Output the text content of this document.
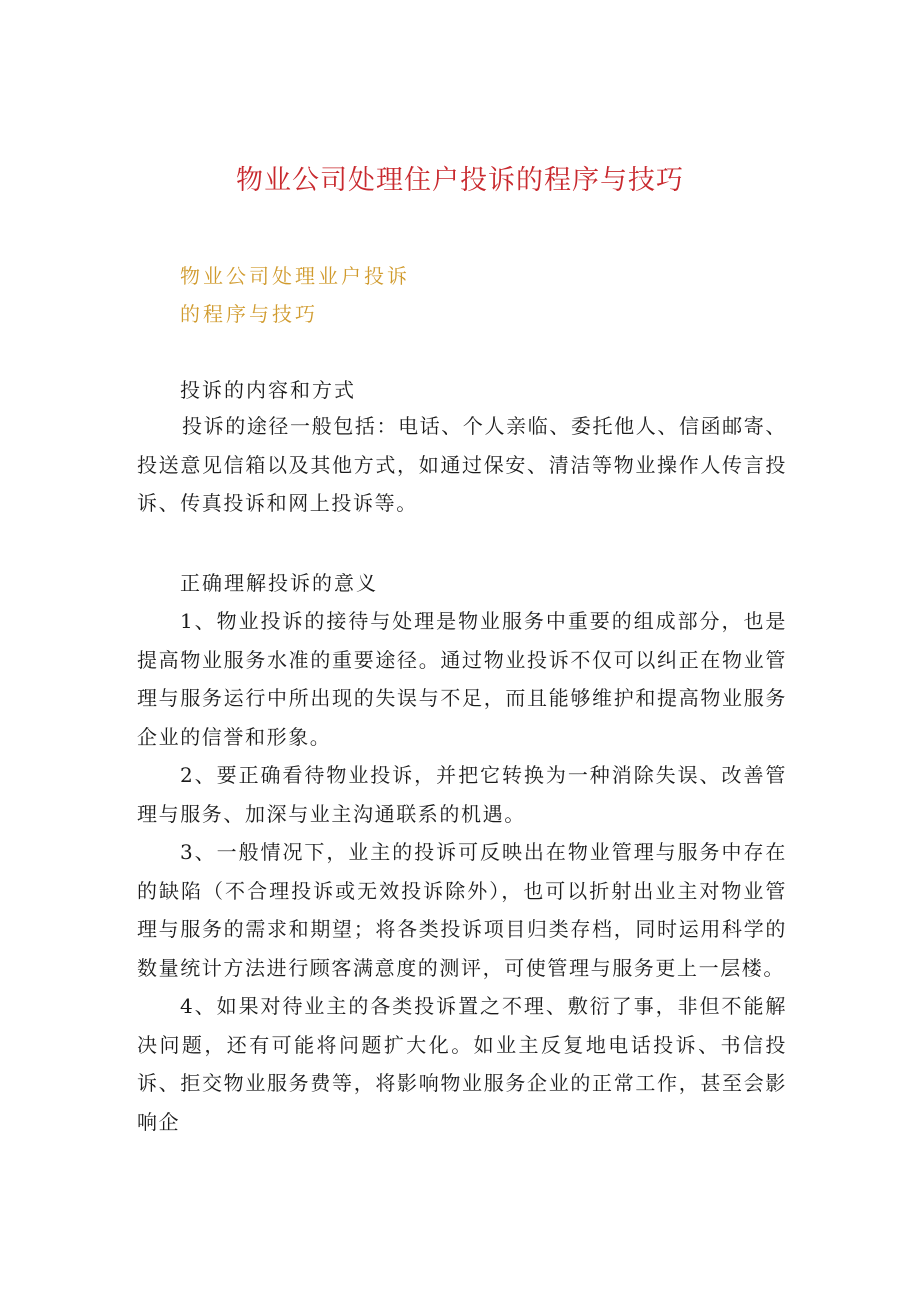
物业公司处理住户投诉的程序与技巧
物业公司处理业户投诉
的程序与技巧
投诉的内容和方式

投诉的途径一般包括：电话、个人亲临、委托他人、信函邮寄、投送意见信箱以及其他方式，如通过保安、清洁等物业操作人传言投诉、传真投诉和网上投诉等。

正确理解投诉的意义

1、物业投诉的接待与处理是物业服务中重要的组成部分，也是提高物业服务水准的重要途径。通过物业投诉不仅可以纠正在物业管理与服务运行中所出现的失误与不足，而且能够维护和提高物业服务企业的信誉和形象。

2、要正确看待物业投诉，并把它转换为一种消除失误、改善管理与服务、加深与业主沟通联系的机遇。

3、一般情况下，业主的投诉可反映出在物业管理与服务中存在的缺陷（不合理投诉或无效投诉除外），也可以折射出业主对物业管理与服务的需求和期望；将各类投诉项目归类存档，同时运用科学的数量统计方法进行顾客满意度的测评，可使管理与服务更上一层楼。

4、如果对待业主的各类投诉置之不理、敷衍了事，非但不能解决问题，还有可能将问题扩大化。如业主反复地电话投诉、书信投诉、拒交物业服务费等，将影响物业服务企业的正常工作，甚至会影响企
